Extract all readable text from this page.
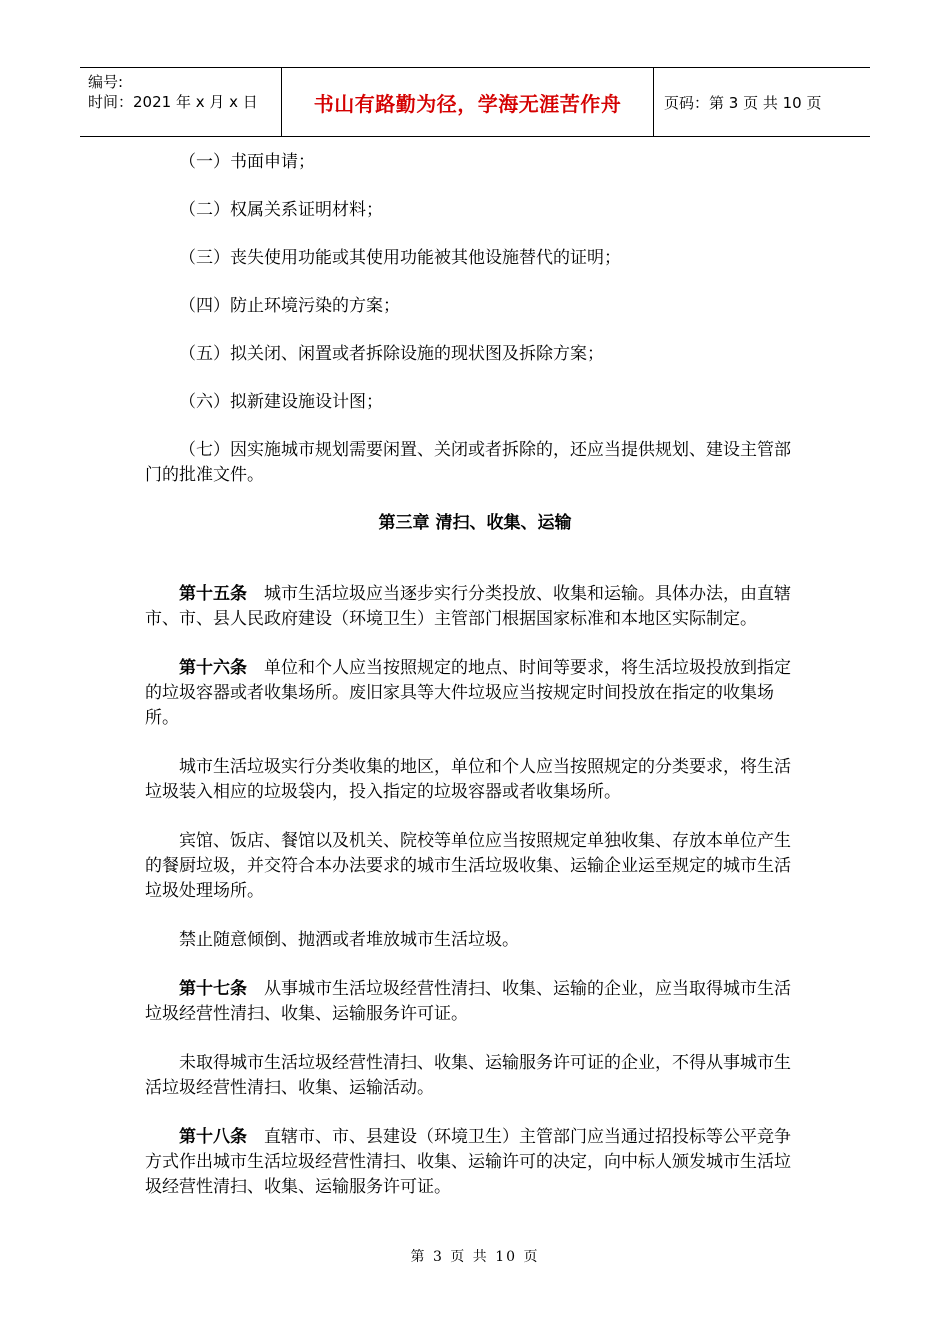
编号:
时间：2021 年 x 月 x 日	书山有路勤为径，学海无涯苦作舟	页码：第 3 页 共 10 页

（一）书面申请；

（二）权属关系证明材料；

（三）丧失使用功能或其使用功能被其他设施替代的证明；

（四）防止环境污染的方案；

（五）拟关闭、闲置或者拆除设施的现状图及拆除方案；

（六）拟新建设施设计图；

（七）因实施城市规划需要闲置、关闭或者拆除的，还应当提供规划、建设主管部门的批准文件。

第三章 清扫、收集、运输

第十五条 城市生活垃圾应当逐步实行分类投放、收集和运输。具体办法，由直辖市、市、县人民政府建设（环境卫生）主管部门根据国家标准和本地区实际制定。

第十六条 单位和个人应当按照规定的地点、时间等要求，将生活垃圾投放到指定的垃圾容器或者收集场所。废旧家具等大件垃圾应当按规定时间投放在指定的收集场所。

城市生活垃圾实行分类收集的地区，单位和个人应当按照规定的分类要求，将生活垃圾装入相应的垃圾袋内，投入指定的垃圾容器或者收集场所。

宾馆、饭店、餐馆以及机关、院校等单位应当按照规定单独收集、存放本单位产生的餐厨垃圾，并交符合本办法要求的城市生活垃圾收集、运输企业运至规定的城市生活垃圾处理场所。

禁止随意倾倒、抛洒或者堆放城市生活垃圾。

第十七条 从事城市生活垃圾经营性清扫、收集、运输的企业，应当取得城市生活垃圾经营性清扫、收集、运输服务许可证。

未取得城市生活垃圾经营性清扫、收集、运输服务许可证的企业，不得从事城市生活垃圾经营性清扫、收集、运输活动。

第十八条 直辖市、市、县建设（环境卫生）主管部门应当通过招投标等公平竞争方式作出城市生活垃圾经营性清扫、收集、运输许可的决定，向中标人颁发城市生活垃圾经营性清扫、收集、运输服务许可证。

第 3 页 共 10 页
